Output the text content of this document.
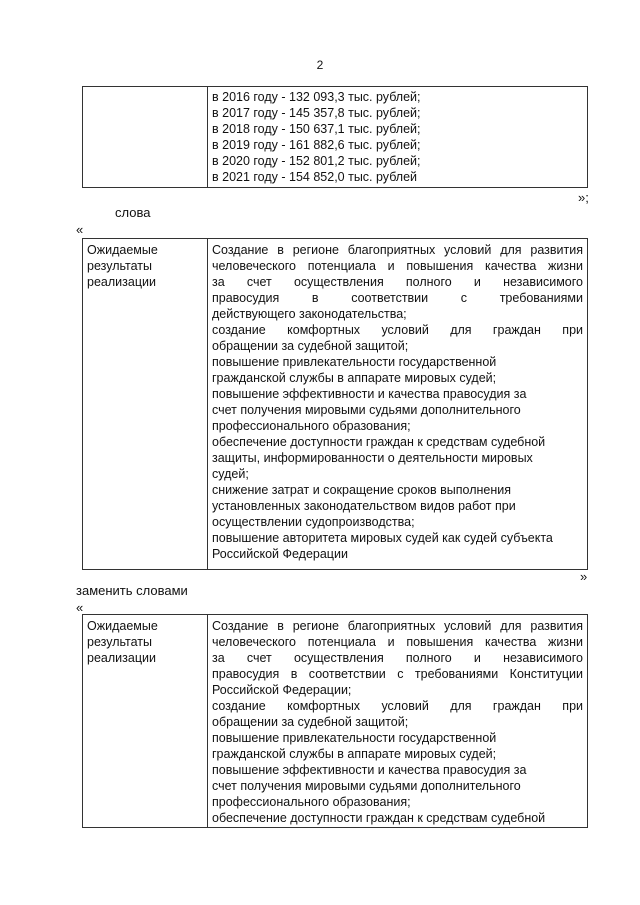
2
в 2016 году - 132 093,3 тыс. рублей;
в 2017 году - 145 357,8 тыс. рублей;
в 2018 году - 150 637,1 тыс. рублей;
в 2019 году - 161 882,6 тыс. рублей;
в 2020 году - 152 801,2 тыс. рублей;
в 2021 году - 154 852,0 тыс. рублей
»;
слова
«
Ожидаемые
результаты
реализации
Создание в регионе благоприятных условий для развития
человеческого потенциала и повышения качества жизни
за счет осуществления полного и независимого
правосудия в соответствии с требованиями
действующего законодательства;
создание комфортных условий для граждан при
обращении за судебной защитой;
повышение привлекательности государственной
гражданской службы в аппарате мировых судей;
повышение эффективности и качества правосудия за
счет получения мировыми судьями дополнительного
профессионального образования;
обеспечение доступности граждан к средствам судебной
защиты, информированности о деятельности мировых
судей;
снижение затрат и сокращение сроков выполнения
установленных законодательством видов работ при
осуществлении судопроизводства;
повышение авторитета мировых судей как судей субъекта
Российской Федерации
»
заменить словами
«
Ожидаемые
результаты
реализации
Создание в регионе благоприятных условий для развития
человеческого потенциала и повышения качества жизни
за счет осуществления полного и независимого
правосудия в соответствии с требованиями Конституции
Российской Федерации;
создание комфортных условий для граждан при
обращении за судебной защитой;
повышение привлекательности государственной
гражданской службы в аппарате мировых судей;
повышение эффективности и качества правосудия за
счет получения мировыми судьями дополнительного
профессионального образования;
обеспечение доступности граждан к средствам судебной
